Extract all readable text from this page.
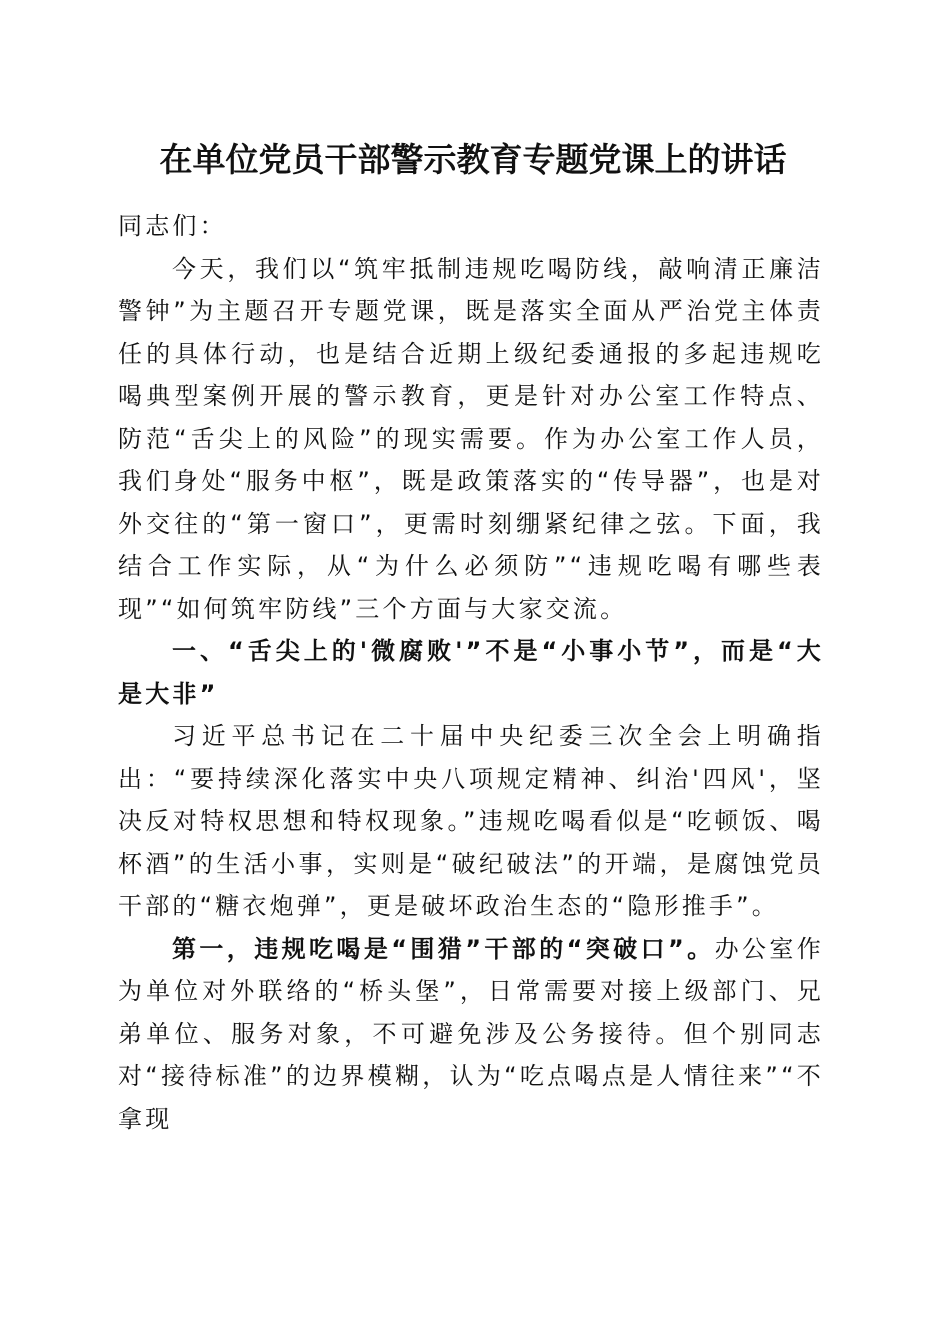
在单位党员干部警示教育专题党课上的讲话

同志们：

今天，我们以“筑牢抵制违规吃喝防线，敲响清正廉洁警钟”为主题召开专题党课，既是落实全面从严治党主体责任的具体行动，也是结合近期上级纪委通报的多起违规吃喝典型案例开展的警示教育，更是针对办公室工作特点、防范“舌尖上的风险”的现实需要。作为办公室工作人员，我们身处“服务中枢”，既是政策落实的“传导器”，也是对外交往的“第一窗口”，更需时刻绷紧纪律之弦。下面，我结合工作实际，从“为什么必须防”“违规吃喝有哪些表现”“如何筑牢防线”三个方面与大家交流。

一、“舌尖上的'微腐败'”不是“小事小节”，而是“大是大非”

习近平总书记在二十届中央纪委三次全会上明确指出：“要持续深化落实中央八项规定精神、纠治'四风'，坚决反对特权思想和特权现象。”违规吃喝看似是“吃顿饭、喝杯酒”的生活小事，实则是“破纪破法”的开端，是腐蚀党员干部的“糖衣炮弹”，更是破坏政治生态的“隐形推手”。

第一，违规吃喝是“围猎”干部的“突破口”。办公室作为单位对外联络的“桥头堡”，日常需要对接上级部门、兄弟单位、服务对象，不可避免涉及公务接待。但个别同志对“接待标准”的边界模糊，认为“吃点喝点是人情往来”“不拿现
